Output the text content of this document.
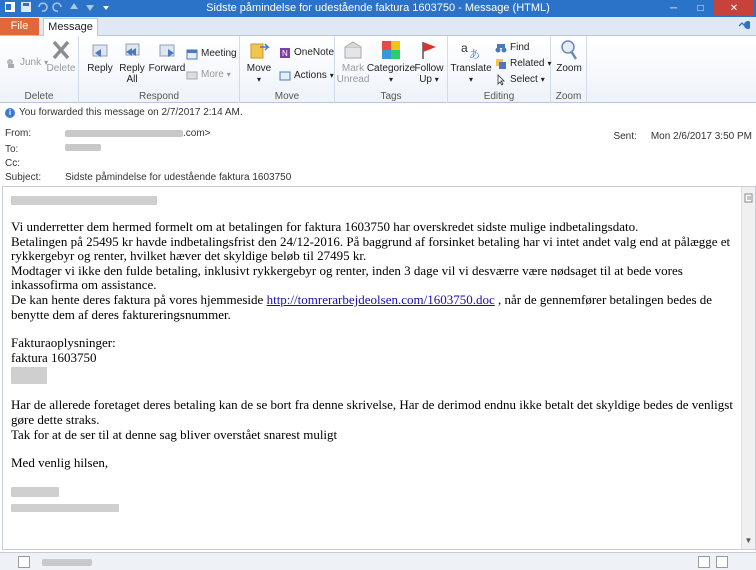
Sidste påmindelse for udestående faktura 1603750 - Message (HTML)	─	□	✕
File	Message
Junk ▾
Delete
Delete
Reply Reply
All
Forward
Meeting
More ▾
Respond
Move
▾
N OneNote
Actions ▾
Move
Mark
Unread
Categorize
▾
Follow
Up ▾
Tags
a あ
Translate
▾
Find
Related ▾
Select ▾
Editing
Zoom
Zoom
i You forwarded this message on 2/7/2017 2:14 AM.
From:	.com>	Sent: Mon 2/6/2017 3:50 PM
To:
Cc:
Subject:	Sidste påmindelse for udestående faktura 1603750

Vi underretter dem hermed formelt om at betalingen for faktura 1603750 har overskredet sidste mulige indbetalingsdato.

Betalingen på 25495 kr havde indbetalingsfrist den 24/12-2016. På baggrund af forsinket betaling har vi intet andet valg end at pålægge et rykkergebyr og renter, hvilket hæver det skyldige beløb til 27495 kr.

Modtager vi ikke den fulde betaling, inklusivt rykkergebyr og renter, inden 3 dage vil vi desværre være nødsaget til at bede vores inkassofirma om assistance.

De kan hente deres faktura på vores hjemmeside http://tomrerarbejdeolsen.com/1603750.doc , når de gennemfører betalingen bedes de benytte dem af deres faktureringsnummer.

Fakturaoplysninger:

faktura 1603750

Har de allerede foretaget deres betaling kan de se bort fra denne skrivelse, Har de derimod endnu ikke betalt det skyldige bedes de venligst gøre dette straks.

Tak for at de ser til at denne sag bliver overstået snarest muligt

Med venlig hilsen,

▼
